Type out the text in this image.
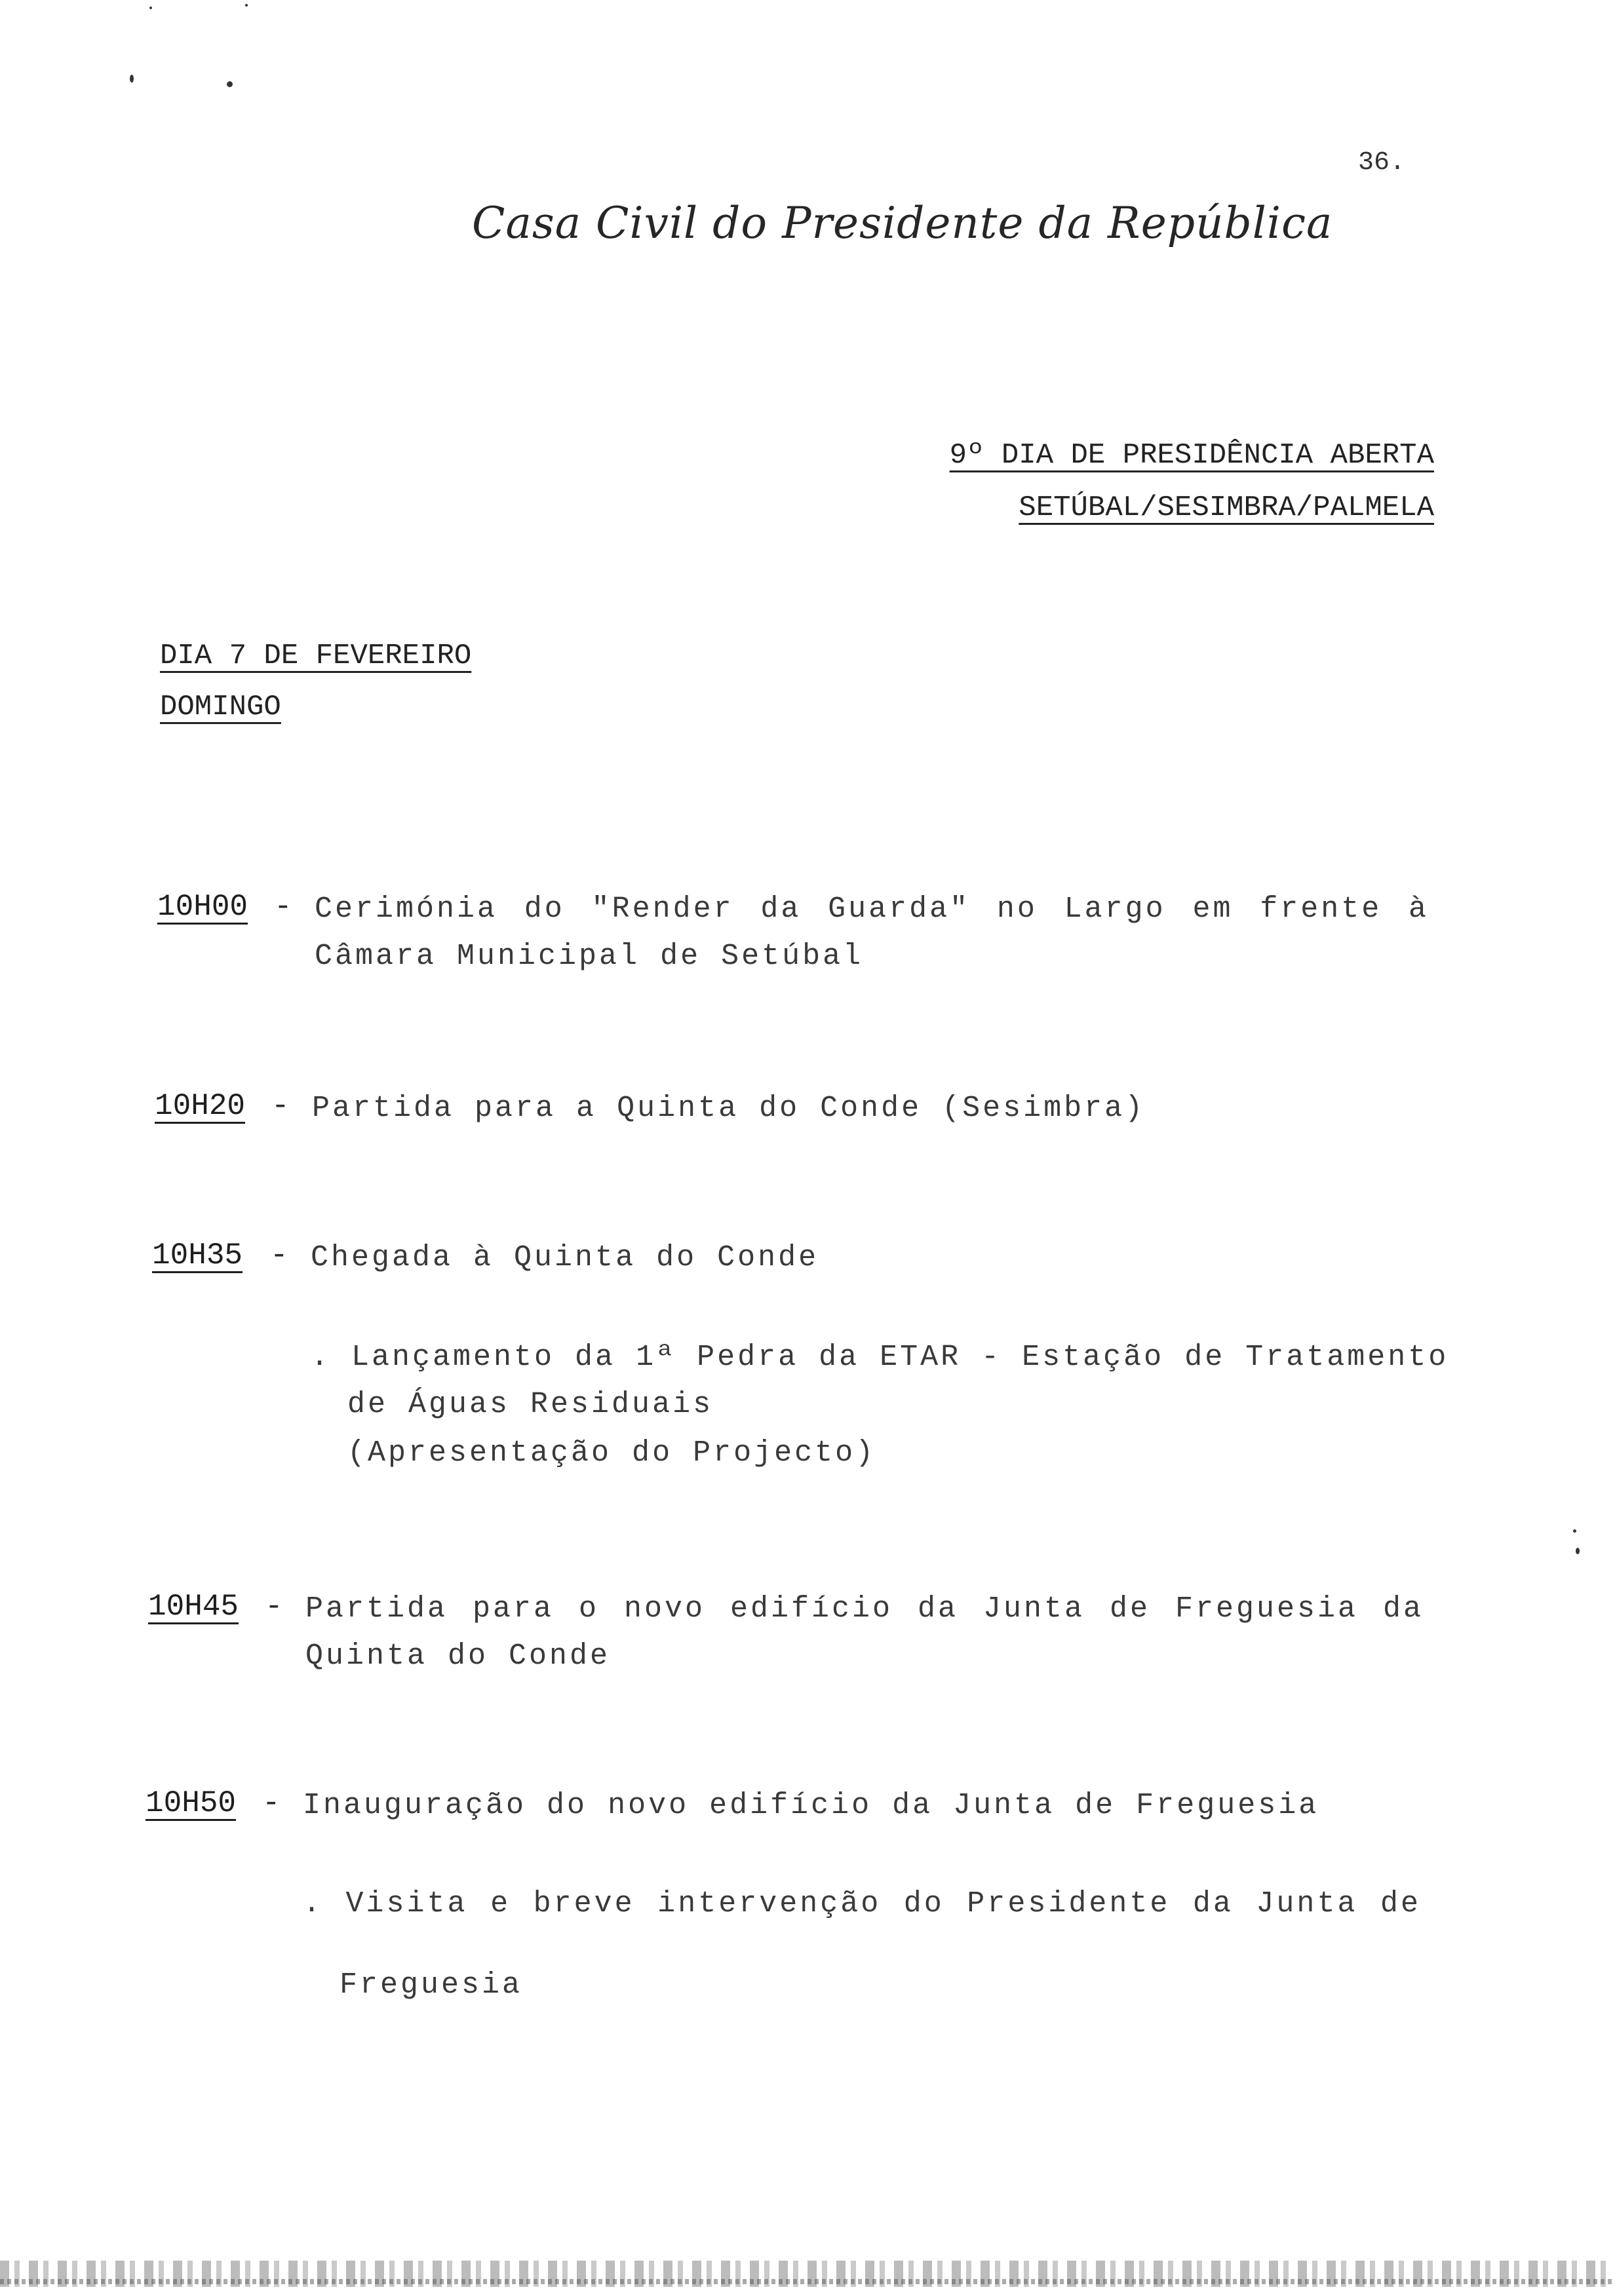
36.
Casa Civil do Presidente da República
9º DIA DE PRESIDÊNCIA ABERTA
SETÚBAL/SESIMBRA/PALMELA
DIA 7 DE FEVEREIRO
DOMINGO
10H00 - Cerimónia do "Render da Guarda" no Largo em frente à
Câmara Municipal de Setúbal
10H20 - Partida para a Quinta do Conde (Sesimbra)
10H35 - Chegada à Quinta do Conde
. Lançamento da 1ª Pedra da ETAR - Estação de Tratamento
de Águas Residuais
(Apresentação do Projecto)
10H45 - Partida para o novo edifício da Junta de Freguesia da
Quinta do Conde
10H50 - Inauguração do novo edifício da Junta de Freguesia
. Visita e breve intervenção do Presidente da Junta de
Freguesia
